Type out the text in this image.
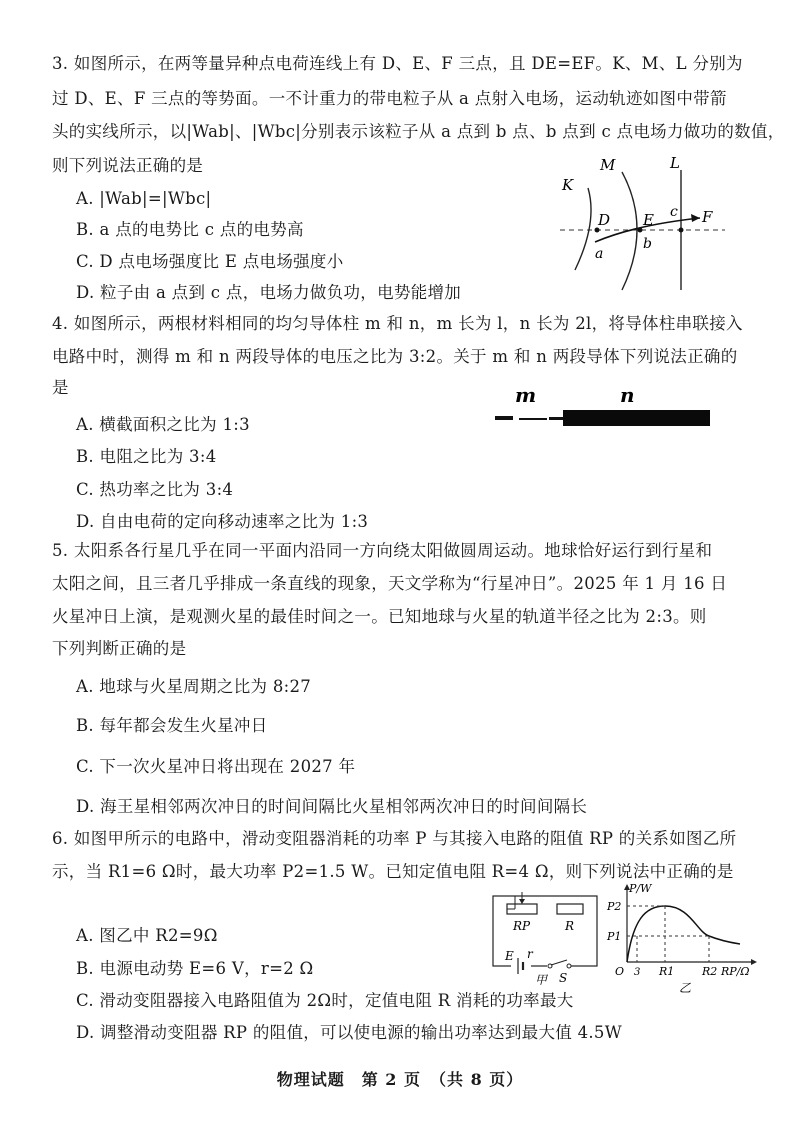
3. 如图所示，在两等量异种点电荷连线上有 D、E、F 三点，且 DE=EF。K、M、L 分别为
过 D、E、F 三点的等势面。一不计重力的带电粒子从 a 点射入电场，运动轨迹如图中带箭
头的实线所示，以|Wab|、|Wbc|分别表示该粒子从 a 点到 b 点、b 点到 c 点电场力做功的数值，
则下列说法正确的是
A. |Wab|=|Wbc|
B. a 点的电势比 c 点的电势高
C. D 点电场强度比 E 点电场强度小
D. 粒子由 a 点到 c 点，电场力做负功，电势能增加
K
M	L
D E	F
a
b
c
4. 如图所示，两根材料相同的均匀导体柱 m 和 n，m 长为 l，n 长为 2l，将导体柱串联接入
电路中时，测得 m 和 n 两段导体的电压之比为 3:2。关于 m 和 n 两段导体下列说法正确的
是
A. 横截面积之比为 1:3
B. 电阻之比为 3:4
C. 热功率之比为 3:4
D. 自由电荷的定向移动速率之比为 1:3
m	n
5. 太阳系各行星几乎在同一平面内沿同一方向绕太阳做圆周运动。地球恰好运行到行星和
太阳之间，且三者几乎排成一条直线的现象，天文学称为“行星冲日”。2025 年 1 月 16 日
火星冲日上演，是观测火星的最佳时间之一。已知地球与火星的轨道半径之比为 2:3。则
下列判断正确的是
A. 地球与火星周期之比为 8:27
B. 每年都会发生火星冲日
C. 下一次火星冲日将出现在 2027 年
D. 海王星相邻两次冲日的时间间隔比火星相邻两次冲日的时间间隔长
6. 如图甲所示的电路中，滑动变阻器消耗的功率 P 与其接入电路的阻值 RP 的关系如图乙所
示，当 R1=6 Ω时，最大功率 P2=1.5 W。已知定值电阻 R=4 Ω，则下列说法中正确的是
A. 图乙中 R2=9Ω
B. 电源电动势 E=6 V，r=2 Ω
C. 滑动变阻器接入电路阻值为 2Ω时，定值电阻 R 消耗的功率最大
D. 调整滑动变阻器 RP 的阻值，可以使电源的输出功率达到最大值 4.5W
RP	R
E r
S
甲
P/W
P2
P1
O 3 R1	R2 RP/Ω
乙
物理试题　第 2 页　（共 8 页）
